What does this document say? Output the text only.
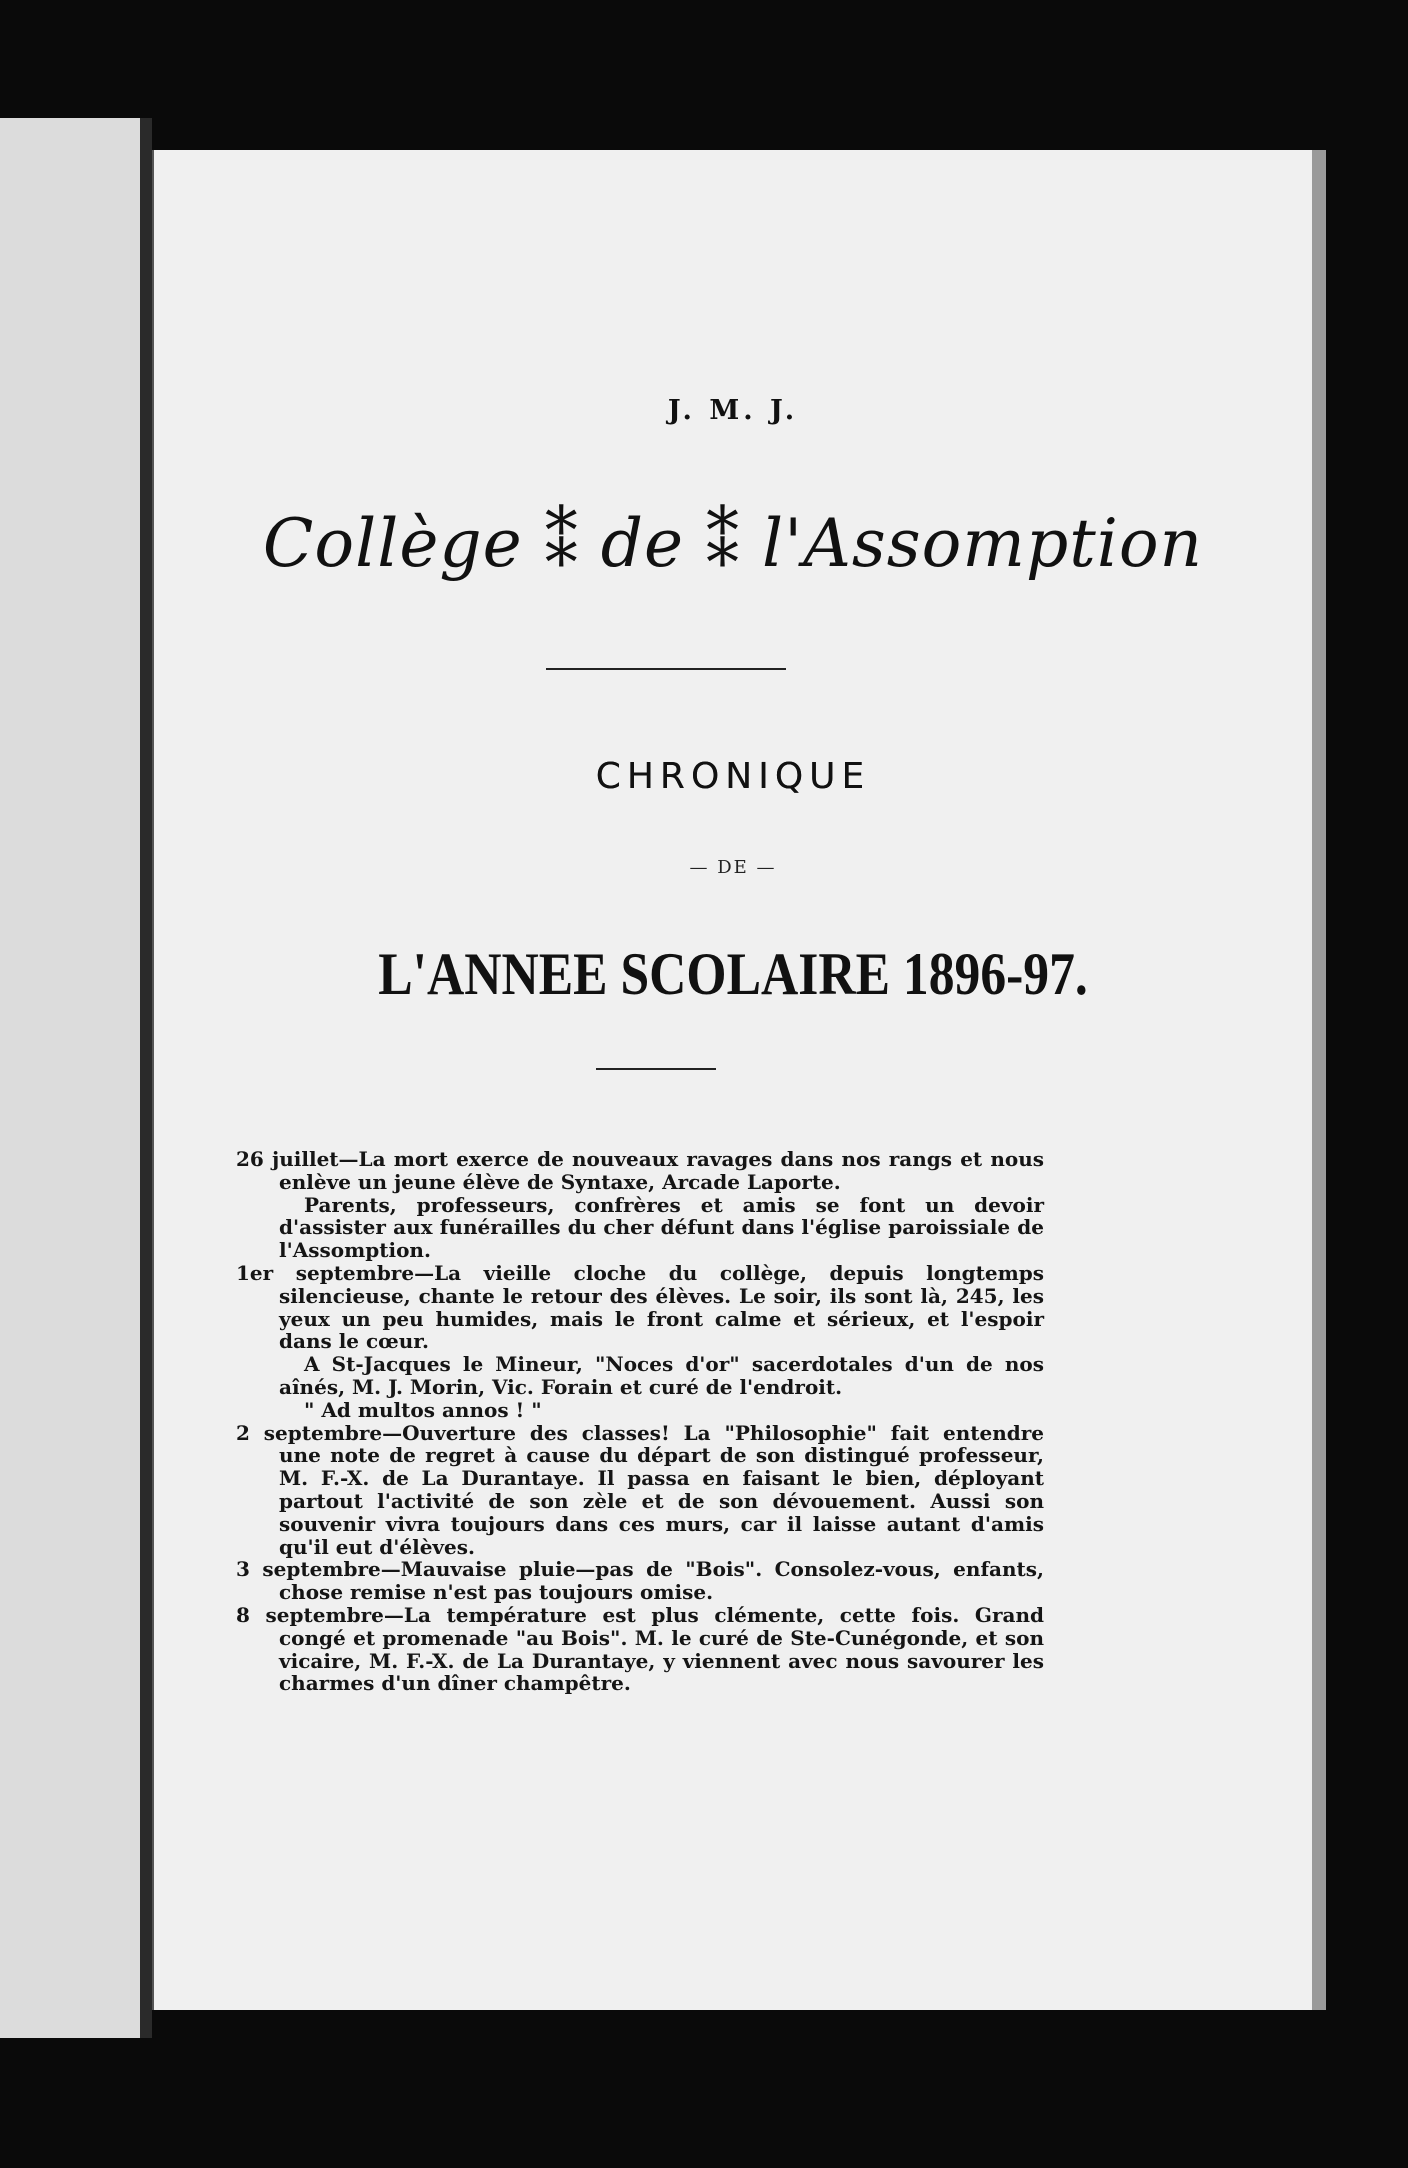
J. M. J.
Collège ⁑ de ⁑ l'Assomption
CHRONIQUE
— DE —
L'ANNEE SCOLAIRE 1896-97.

26 juillet—La mort exerce de nouveaux ravages dans nos rangs et nous enlève un jeune élève de Syntaxe, Arcade Laporte.

Parents, professeurs, confrères et amis se font un devoir d'assister aux funérailles du cher défunt dans l'église paroissiale de l'Assomption.

1er septembre—La vieille cloche du collège, depuis longtemps silencieuse, chante le retour des élèves. Le soir, ils sont là, 245, les yeux un peu humides, mais le front calme et sérieux, et l'espoir dans le cœur.

A St-Jacques le Mineur, "Noces d'or" sacerdotales d'un de nos aînés, M. J. Morin, Vic. Forain et curé de l'endroit.

" Ad multos annos ! "

2 septembre—Ouverture des classes! La "Philosophie" fait entendre une note de regret à cause du départ de son distingué professeur, M. F.-X. de La Durantaye. Il passa en faisant le bien, déployant partout l'activité de son zèle et de son dévouement. Aussi son souvenir vivra toujours dans ces murs, car il laisse autant d'amis qu'il eut d'élèves.

3 septembre—Mauvaise pluie—pas de "Bois". Consolez-vous, enfants, chose remise n'est pas toujours omise.

8 septembre—La température est plus clémente, cette fois. Grand congé et promenade "au Bois". M. le curé de Ste-Cunégonde, et son vicaire, M. F.-X. de La Durantaye, y viennent avec nous savourer les charmes d'un dîner champêtre.
